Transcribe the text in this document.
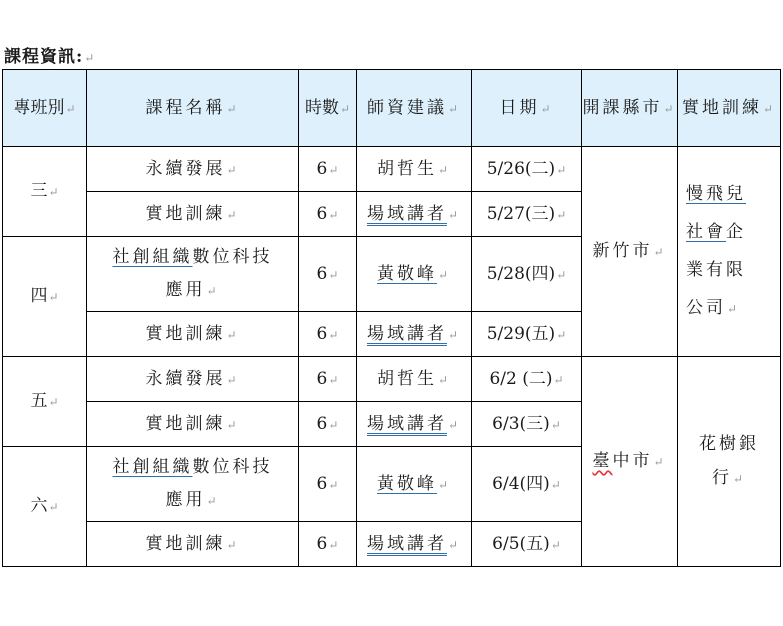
課程資訊:↵
專班別↵	課程名稱↵	時數↵	師資建議↵	日期↵	開課縣市↵	實地訓練↵
三↵	永續發展↵	6↵	胡哲生↵	5/26(二)↵	新竹市↵	慢飛兒
社會企
業有限
公司↵

	實地訓練↵	6↵	場域講者↵	5/27(三)↵		
四↵	社創組織數位科技
應用↵	6↵	黃敬峰↵	5/28(四)↵		
	實地訓練↵	6↵	場域講者↵	5/29(五)↵		
五↵	永續發展↵	6↵	胡哲生↵	6/2 (二)↵	臺中市↵	花樹銀
行↵

	實地訓練↵	6↵	場域講者↵	6/3(三)↵		
六↵	社創組織數位科技
應用↵	6↵	黃敬峰↵	6/4(四)↵		
	實地訓練↵	6↵	場域講者↵	6/5(五)↵		
